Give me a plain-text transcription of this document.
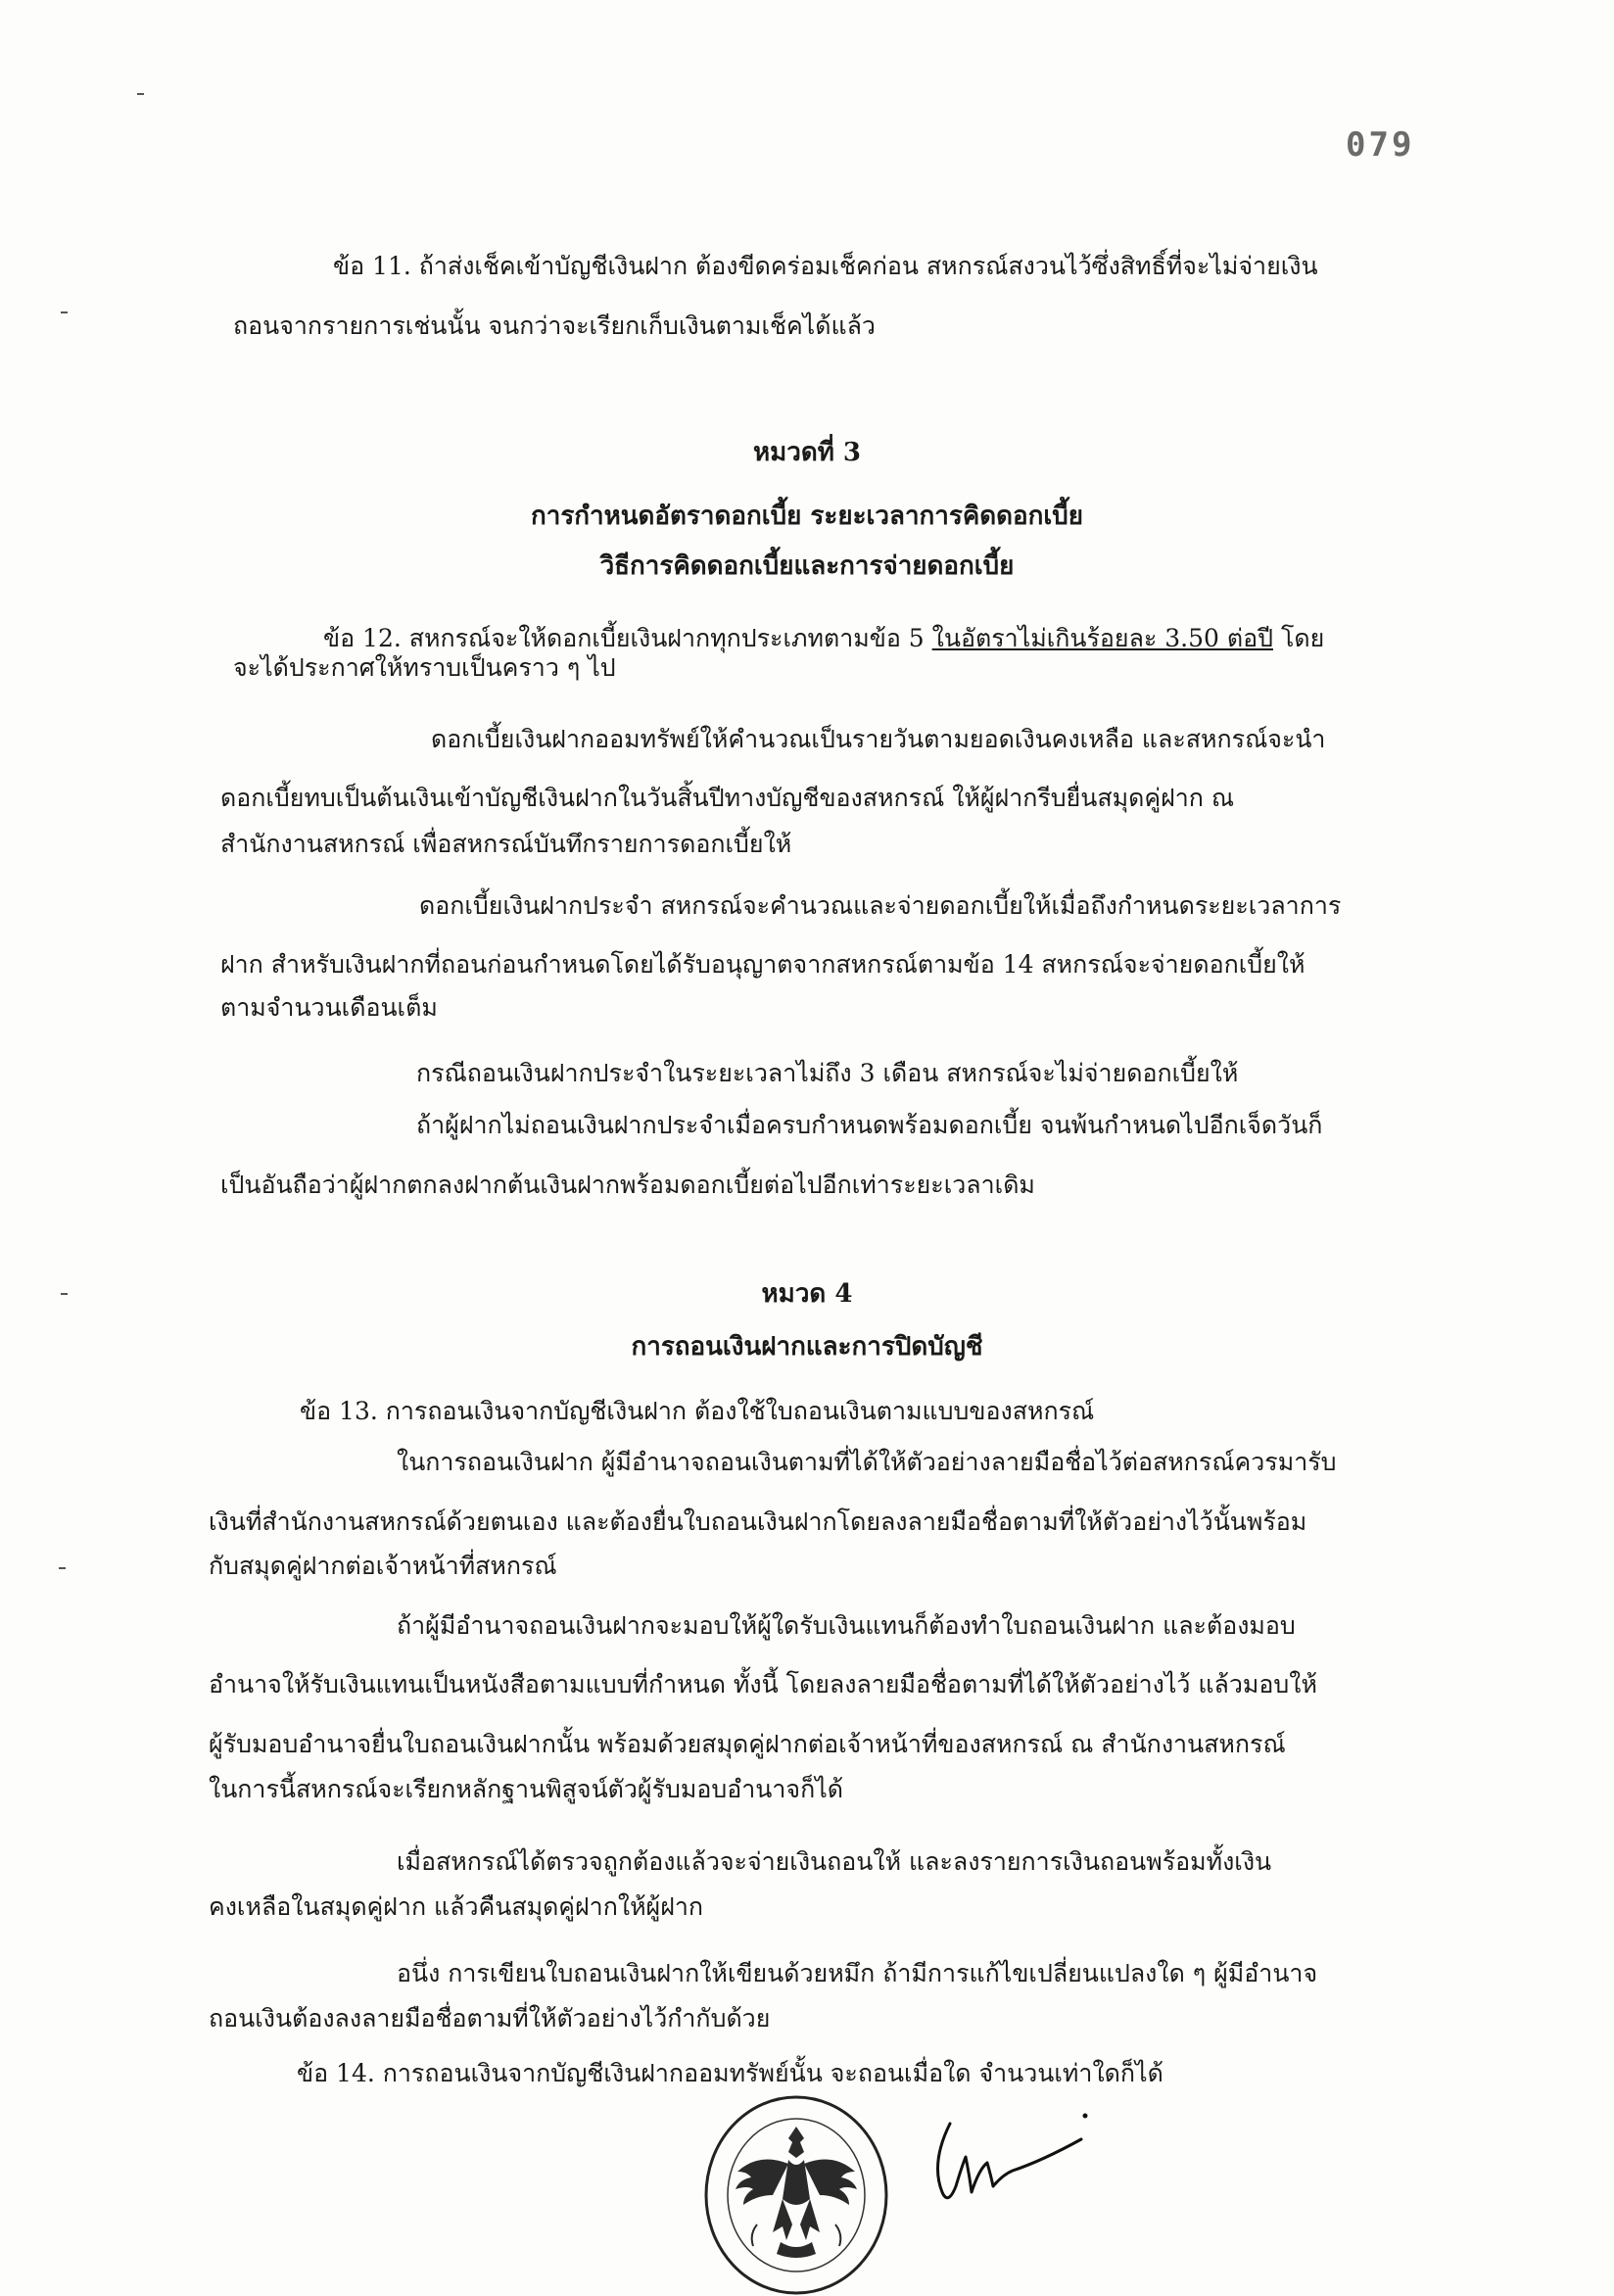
079
ข้อ 11. ถ้าส่งเช็คเข้าบัญชีเงินฝาก ต้องขีดคร่อมเช็คก่อน สหกรณ์สงวนไว้ซึ่งสิทธิ์ที่จะไม่จ่ายเงิน
ถอนจากรายการเช่นนั้น จนกว่าจะเรียกเก็บเงินตามเช็คได้แล้ว
หมวดที่ 3
การกำหนดอัตราดอกเบี้ย ระยะเวลาการคิดดอกเบี้ย
วิธีการคิดดอกเบี้ยและการจ่ายดอกเบี้ย
ข้อ 12. สหกรณ์จะให้ดอกเบี้ยเงินฝากทุกประเภทตามข้อ 5 ในอัตราไม่เกินร้อยละ 3.50 ต่อปี โดย
จะได้ประกาศให้ทราบเป็นคราว ๆ ไป
ดอกเบี้ยเงินฝากออมทรัพย์ให้คำนวณเป็นรายวันตามยอดเงินคงเหลือ และสหกรณ์จะนำ
ดอกเบี้ยทบเป็นต้นเงินเข้าบัญชีเงินฝากในวันสิ้นปีทางบัญชีของสหกรณ์ ให้ผู้ฝากรีบยื่นสมุดคู่ฝาก ณ
สำนักงานสหกรณ์ เพื่อสหกรณ์บันทึกรายการดอกเบี้ยให้
ดอกเบี้ยเงินฝากประจำ สหกรณ์จะคำนวณและจ่ายดอกเบี้ยให้เมื่อถึงกำหนดระยะเวลาการ
ฝาก สำหรับเงินฝากที่ถอนก่อนกำหนดโดยได้รับอนุญาตจากสหกรณ์ตามข้อ 14 สหกรณ์จะจ่ายดอกเบี้ยให้
ตามจำนวนเดือนเต็ม
กรณีถอนเงินฝากประจำในระยะเวลาไม่ถึง 3 เดือน สหกรณ์จะไม่จ่ายดอกเบี้ยให้
ถ้าผู้ฝากไม่ถอนเงินฝากประจำเมื่อครบกำหนดพร้อมดอกเบี้ย จนพ้นกำหนดไปอีกเจ็ดวันก็
เป็นอันถือว่าผู้ฝากตกลงฝากต้นเงินฝากพร้อมดอกเบี้ยต่อไปอีกเท่าระยะเวลาเดิม
หมวด 4
การถอนเงินฝากและการปิดบัญชี
ข้อ 13. การถอนเงินจากบัญชีเงินฝาก ต้องใช้ใบถอนเงินตามแบบของสหกรณ์
ในการถอนเงินฝาก ผู้มีอำนาจถอนเงินตามที่ได้ให้ตัวอย่างลายมือชื่อไว้ต่อสหกรณ์ควรมารับ
เงินที่สำนักงานสหกรณ์ด้วยตนเอง และต้องยื่นใบถอนเงินฝากโดยลงลายมือชื่อตามที่ให้ตัวอย่างไว้นั้นพร้อม
กับสมุดคู่ฝากต่อเจ้าหน้าที่สหกรณ์
ถ้าผู้มีอำนาจถอนเงินฝากจะมอบให้ผู้ใดรับเงินแทนก็ต้องทำใบถอนเงินฝาก และต้องมอบ
อำนาจให้รับเงินแทนเป็นหนังสือตามแบบที่กำหนด ทั้งนี้ โดยลงลายมือชื่อตามที่ได้ให้ตัวอย่างไว้ แล้วมอบให้
ผู้รับมอบอำนาจยื่นใบถอนเงินฝากนั้น พร้อมด้วยสมุดคู่ฝากต่อเจ้าหน้าที่ของสหกรณ์ ณ สำนักงานสหกรณ์
ในการนี้สหกรณ์จะเรียกหลักฐานพิสูจน์ตัวผู้รับมอบอำนาจก็ได้
เมื่อสหกรณ์ได้ตรวจถูกต้องแล้วจะจ่ายเงินถอนให้ และลงรายการเงินถอนพร้อมทั้งเงิน
คงเหลือในสมุดคู่ฝาก แล้วคืนสมุดคู่ฝากให้ผู้ฝาก
อนึ่ง การเขียนใบถอนเงินฝากให้เขียนด้วยหมึก ถ้ามีการแก้ไขเปลี่ยนแปลงใด ๆ ผู้มีอำนาจ
ถอนเงินต้องลงลายมือชื่อตามที่ให้ตัวอย่างไว้กำกับด้วย
ข้อ 14. การถอนเงินจากบัญชีเงินฝากออมทรัพย์นั้น จะถอนเมื่อใด จำนวนเท่าใดก็ได้
